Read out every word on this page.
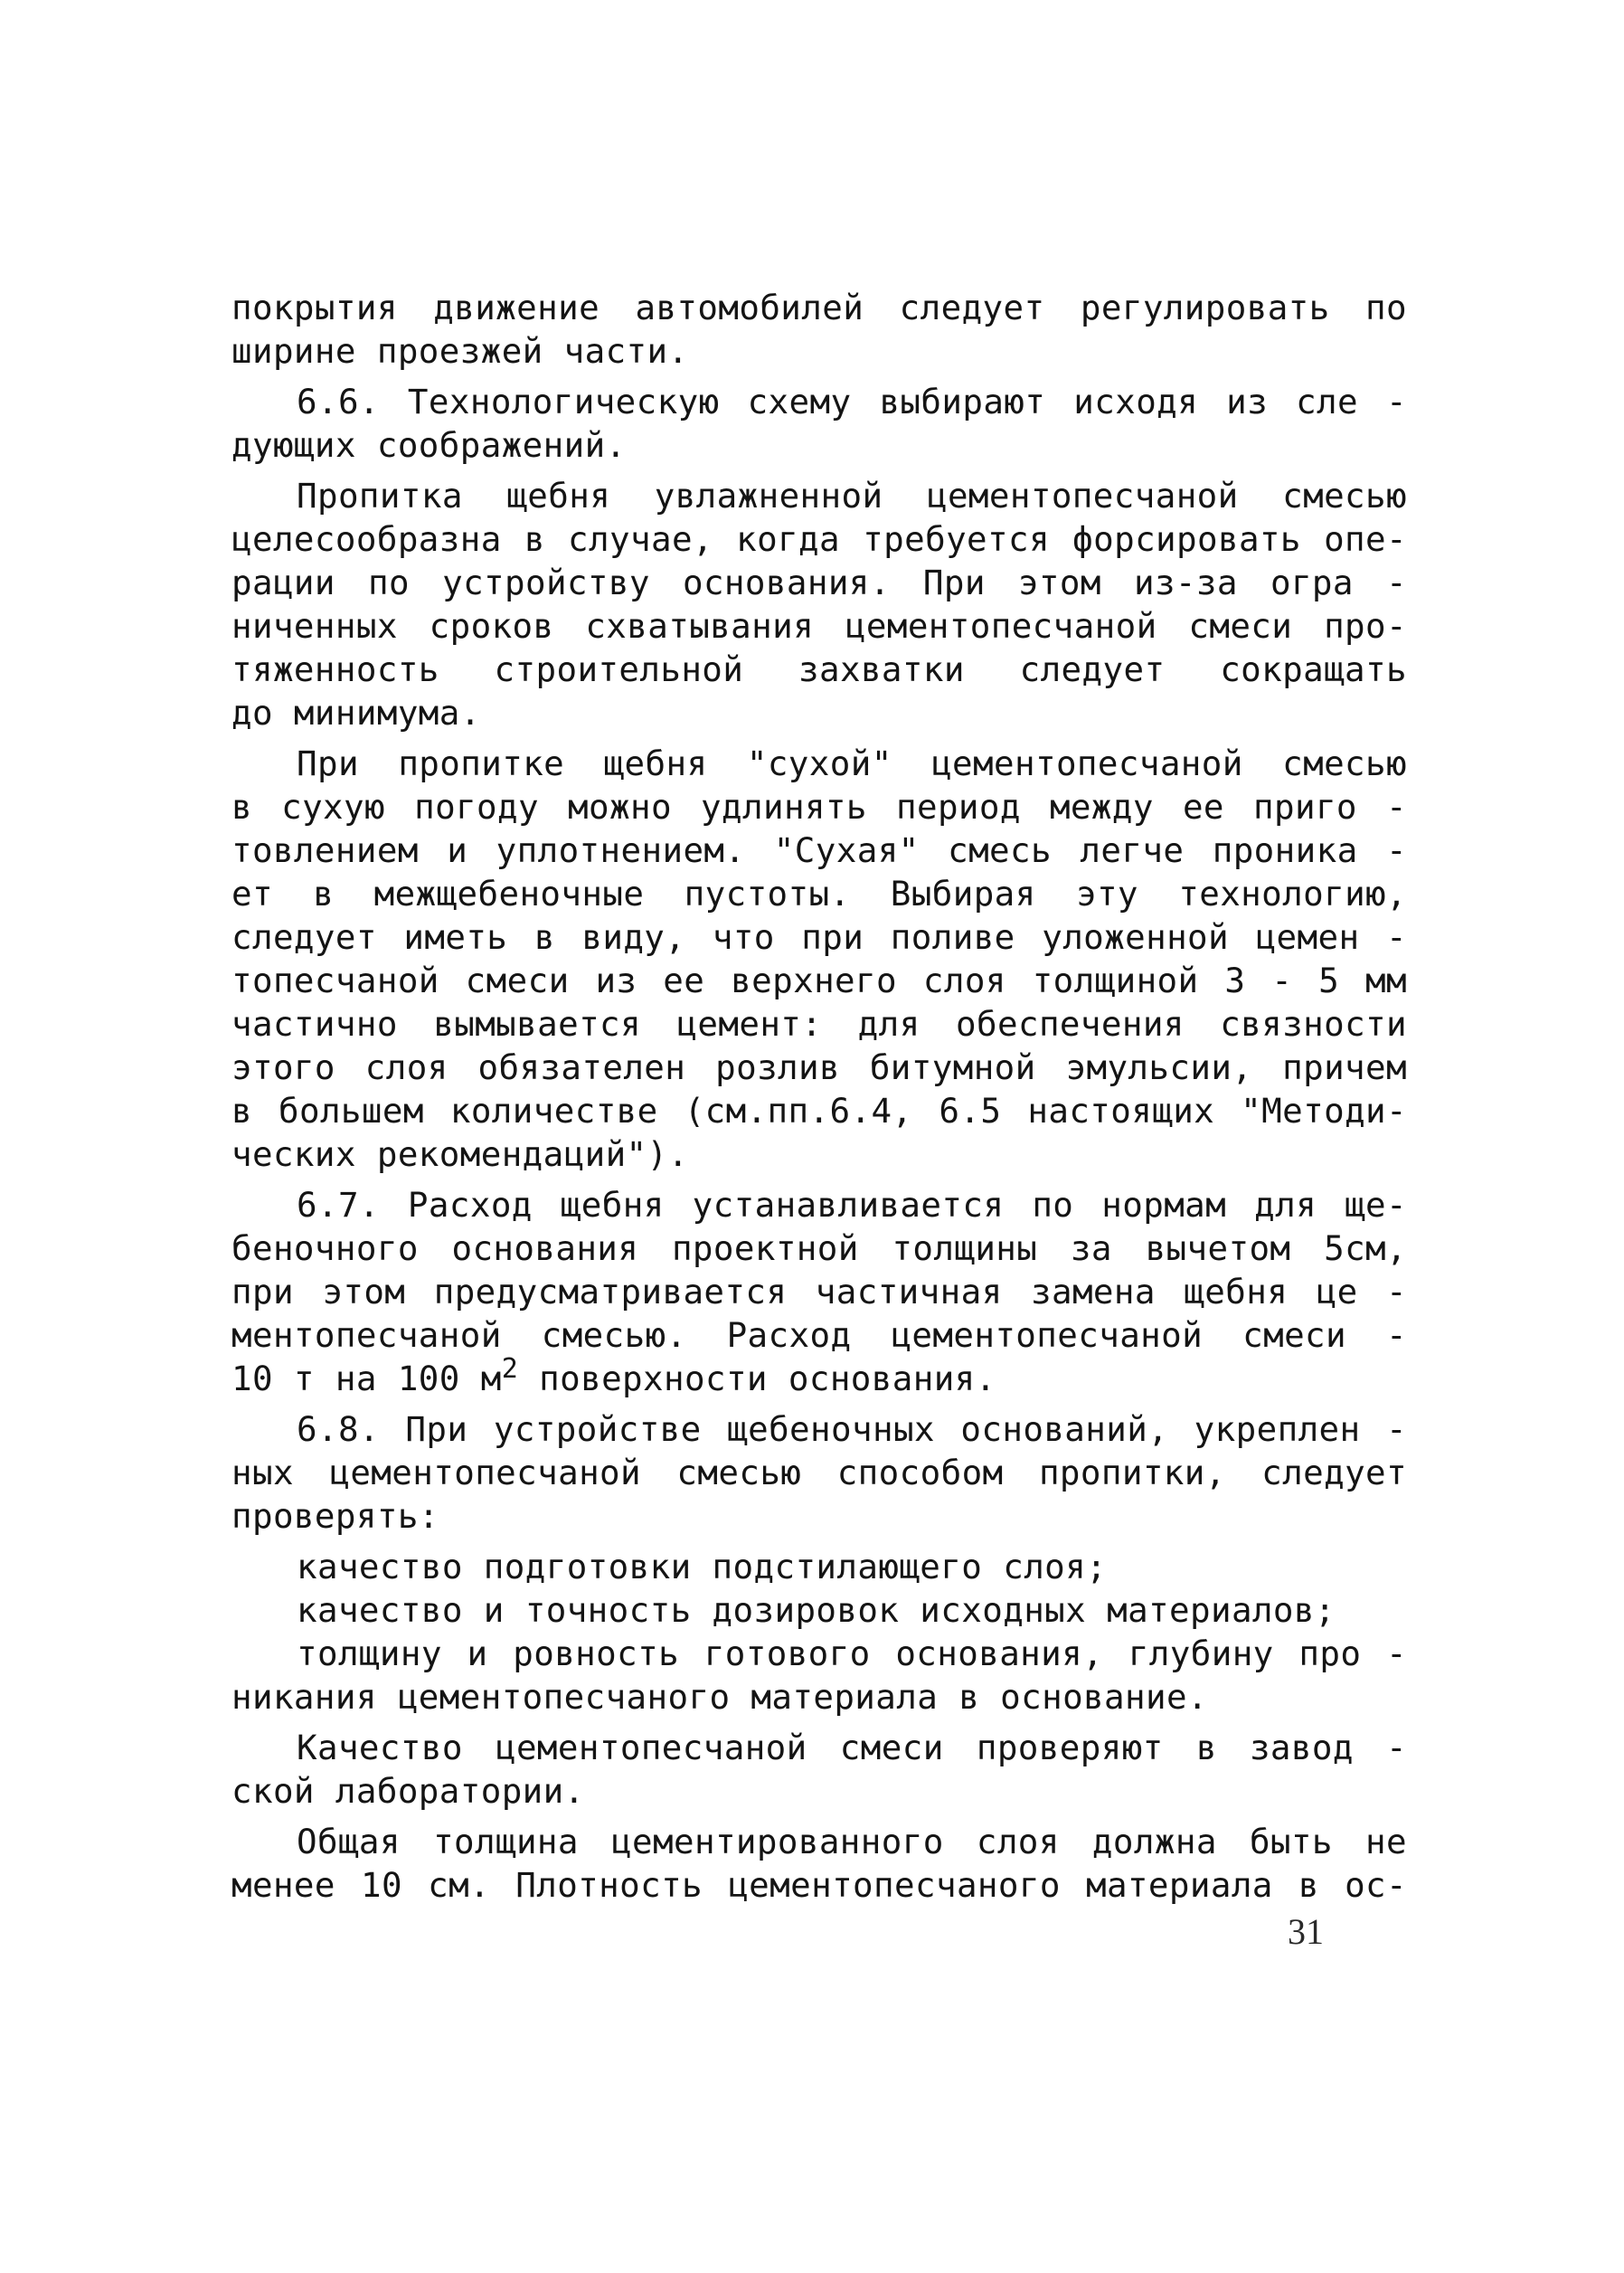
покрытия движение автомобилей следует регулировать по
ширине проезжей части.
6.6. Технологическую схему выбирают исходя из сле -
дующих соображений.
Пропитка щебня увлажненной цементопесчаной смесью
целесообразна в случае, когда требуется форсировать опе-
рации по устройству основания. При этом из-за огра -
ниченных сроков схватывания цементопесчаной смеси про-
тяженность строительной захватки следует сокращать
до минимума.
При пропитке щебня "сухой" цементопесчаной смесью
в сухую погоду можно удлинять период между ее приго -
товлением и уплотнением. "Сухая" смесь легче проника -
ет в межщебеночные пустоты. Выбирая эту технологию,
следует иметь в виду, что при поливе уложенной цемен -
топесчаной смеси из ее верхнего слоя толщиной 3 - 5 мм
частично вымывается цемент: для обеспечения связности
этого слоя обязателен розлив битумной эмульсии, причем
в большем количестве (см.пп.6.4, 6.5 настоящих "Методи-
ческих рекомендаций").
6.7. Расход щебня устанавливается по нормам для ще-
беночного основания проектной толщины за вычетом 5см,
при этом предусматривается частичная замена щебня це -
ментопесчаной смесью. Расход цементопесчаной смеси -
10 т на 100 $м^2$ поверхности основания.
6.8. При устройстве щебеночных оснований, укреплен -
ных цементопесчаной смесью способом пропитки, следует
проверять:
качество подготовки подстилающего слоя;
качество и точность дозировок исходных материалов;
толщину и ровность готового основания, глубину про -
никания цементопесчаного материала в основание.
Качество цементопесчаной смеси проверяют в завод -
ской лаборатории.
Общая толщина цементированного слоя должна быть не
менее 10 см. Плотность цементопесчаного материала в ос-
31
